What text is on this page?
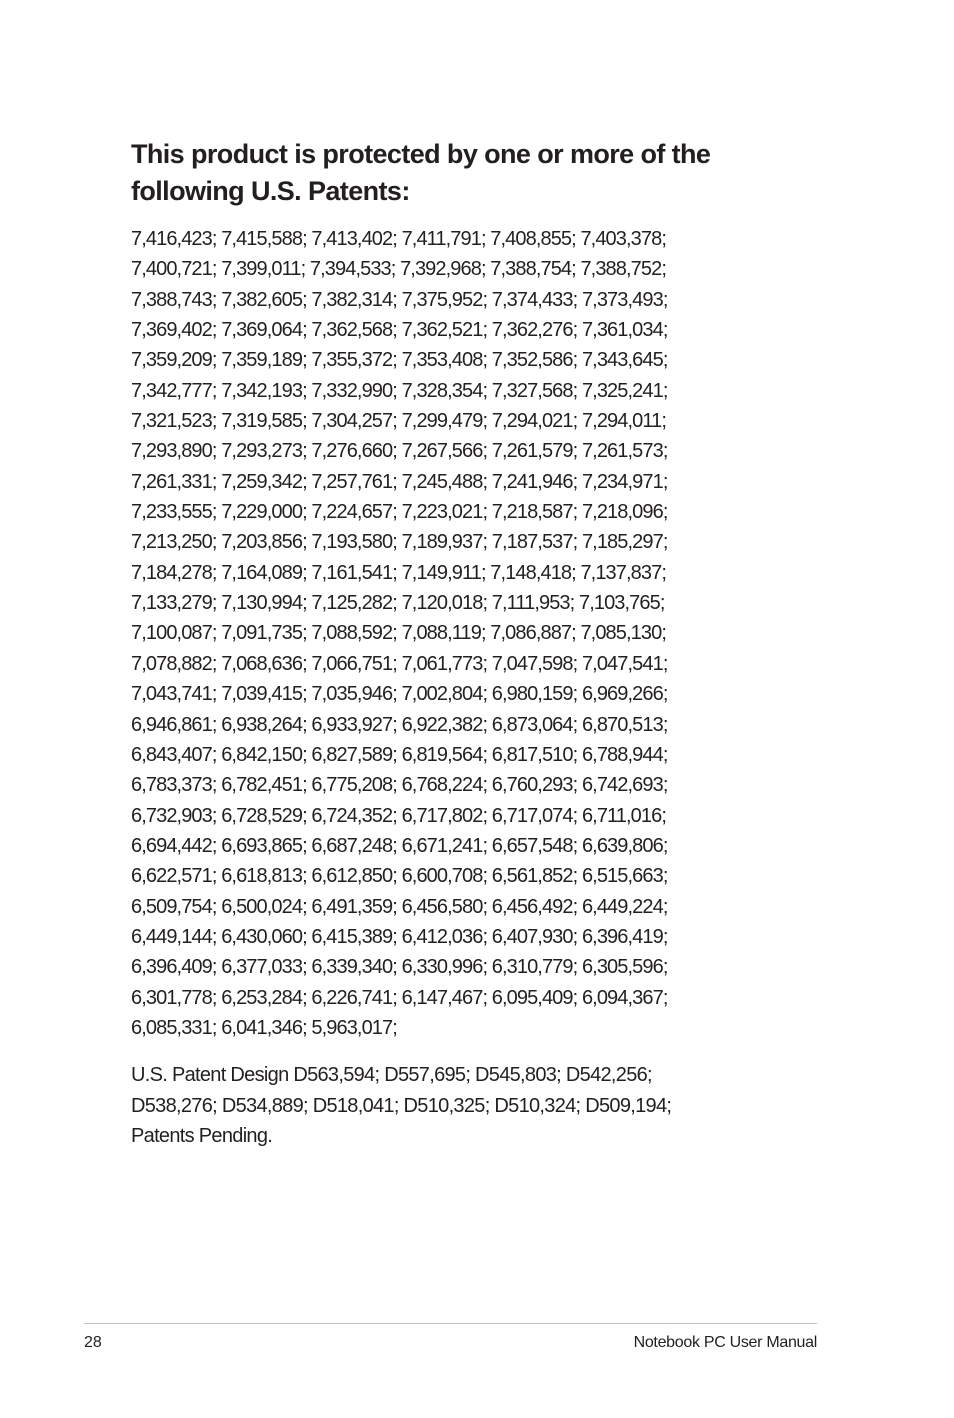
This product is protected by one or more of the
following U.S. Patents:
7,416,423; 7,415,588; 7,413,402; 7,411,791; 7,408,855; 7,403,378;
7,400,721; 7,399,011; 7,394,533; 7,392,968; 7,388,754; 7,388,752;
7,388,743; 7,382,605; 7,382,314; 7,375,952; 7,374,433; 7,373,493;
7,369,402; 7,369,064; 7,362,568; 7,362,521; 7,362,276; 7,361,034;
7,359,209; 7,359,189; 7,355,372; 7,353,408; 7,352,586; 7,343,645;
7,342,777; 7,342,193; 7,332,990; 7,328,354; 7,327,568; 7,325,241;
7,321,523; 7,319,585; 7,304,257; 7,299,479; 7,294,021; 7,294,011;
7,293,890; 7,293,273; 7,276,660; 7,267,566; 7,261,579; 7,261,573;
7,261,331; 7,259,342; 7,257,761; 7,245,488; 7,241,946; 7,234,971;
7,233,555; 7,229,000; 7,224,657; 7,223,021; 7,218,587; 7,218,096;
7,213,250; 7,203,856; 7,193,580; 7,189,937; 7,187,537; 7,185,297;
7,184,278; 7,164,089; 7,161,541; 7,149,911; 7,148,418; 7,137,837;
7,133,279; 7,130,994; 7,125,282; 7,120,018; 7,111,953; 7,103,765;
7,100,087; 7,091,735; 7,088,592; 7,088,119; 7,086,887; 7,085,130;
7,078,882; 7,068,636; 7,066,751; 7,061,773; 7,047,598; 7,047,541;
7,043,741; 7,039,415; 7,035,946; 7,002,804; 6,980,159; 6,969,266;
6,946,861; 6,938,264; 6,933,927; 6,922,382; 6,873,064; 6,870,513;
6,843,407; 6,842,150; 6,827,589; 6,819,564; 6,817,510; 6,788,944;
6,783,373; 6,782,451; 6,775,208; 6,768,224; 6,760,293; 6,742,693;
6,732,903; 6,728,529; 6,724,352; 6,717,802; 6,717,074; 6,711,016;
6,694,442; 6,693,865; 6,687,248; 6,671,241; 6,657,548; 6,639,806;
6,622,571; 6,618,813; 6,612,850; 6,600,708; 6,561,852; 6,515,663;
6,509,754; 6,500,024; 6,491,359; 6,456,580; 6,456,492; 6,449,224;
6,449,144; 6,430,060; 6,415,389; 6,412,036; 6,407,930; 6,396,419;
6,396,409; 6,377,033; 6,339,340; 6,330,996; 6,310,779; 6,305,596;
6,301,778; 6,253,284; 6,226,741; 6,147,467; 6,095,409; 6,094,367;
6,085,331; 6,041,346; 5,963,017;
U.S. Patent Design D563,594; D557,695; D545,803; D542,256;
D538,276; D534,889; D518,041; D510,325; D510,324; D509,194;
Patents Pending.
28	Notebook PC User Manual
